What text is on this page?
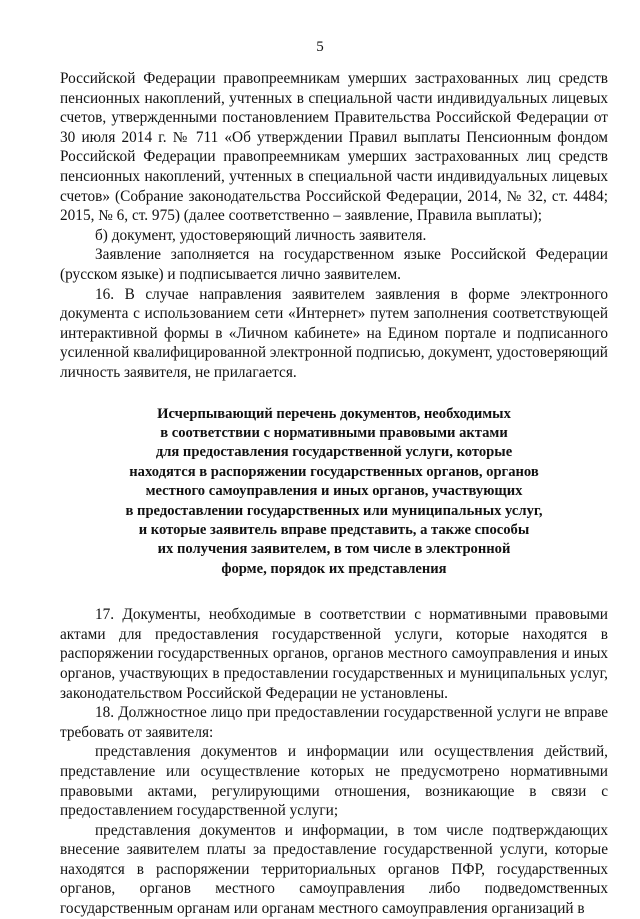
5

Российской Федерации правопреемникам умерших застрахованных лиц средств пенсионных накоплений, учтенных в специальной части индивидуальных лицевых счетов, утвержденными постановлением Правительства Российской Федерации от 30 июля 2014 г. № 711 «Об утверждении Правил выплаты Пенсионным фондом Российской Федерации правопреемникам умерших застрахованных лиц средств пенсионных накоплений, учтенных в специальной части индивидуальных лицевых счетов» (Собрание законодательства Российской Федерации, 2014, № 32, ст. 4484; 2015, № 6, ст. 975) (далее соответственно – заявление, Правила выплаты);

б) документ, удостоверяющий личность заявителя.

Заявление заполняется на государственном языке Российской Федерации (русском языке) и подписывается лично заявителем.

16. В случае направления заявителем заявления в форме электронного документа с использованием сети «Интернет» путем заполнения соответствующей интерактивной формы в «Личном кабинете» на Едином портале и подписанного усиленной квалифицированной электронной подписью, документ, удостоверяющий личность заявителя, не прилагается.

Исчерпывающий перечень документов, необходимых
в соответствии с нормативными правовыми актами
для предоставления государственной услуги, которые
находятся в распоряжении государственных органов, органов
местного самоуправления и иных органов, участвующих
в предоставлении государственных или муниципальных услуг,
и которые заявитель вправе представить, а также способы
их получения заявителем, в том числе в электронной
форме, порядок их представления

17. Документы, необходимые в соответствии с нормативными правовыми актами для предоставления государственной услуги, которые находятся в распоряжении государственных органов, органов местного самоуправления и иных органов, участвующих в предоставлении государственных и муниципальных услуг, законодательством Российской Федерации не установлены.

18. Должностное лицо при предоставлении государственной услуги не вправе требовать от заявителя:

представления документов и информации или осуществления действий, представление или осуществление которых не предусмотрено нормативными правовыми актами, регулирующими отношения, возникающие в связи с предоставлением государственной услуги;

представления документов и информации, в том числе подтверждающих внесение заявителем платы за предоставление государственной услуги, которые находятся в распоряжении территориальных органов ПФР, государственных органов, органов местного самоуправления либо подведомственных государственным органам или органам местного самоуправления организаций в
